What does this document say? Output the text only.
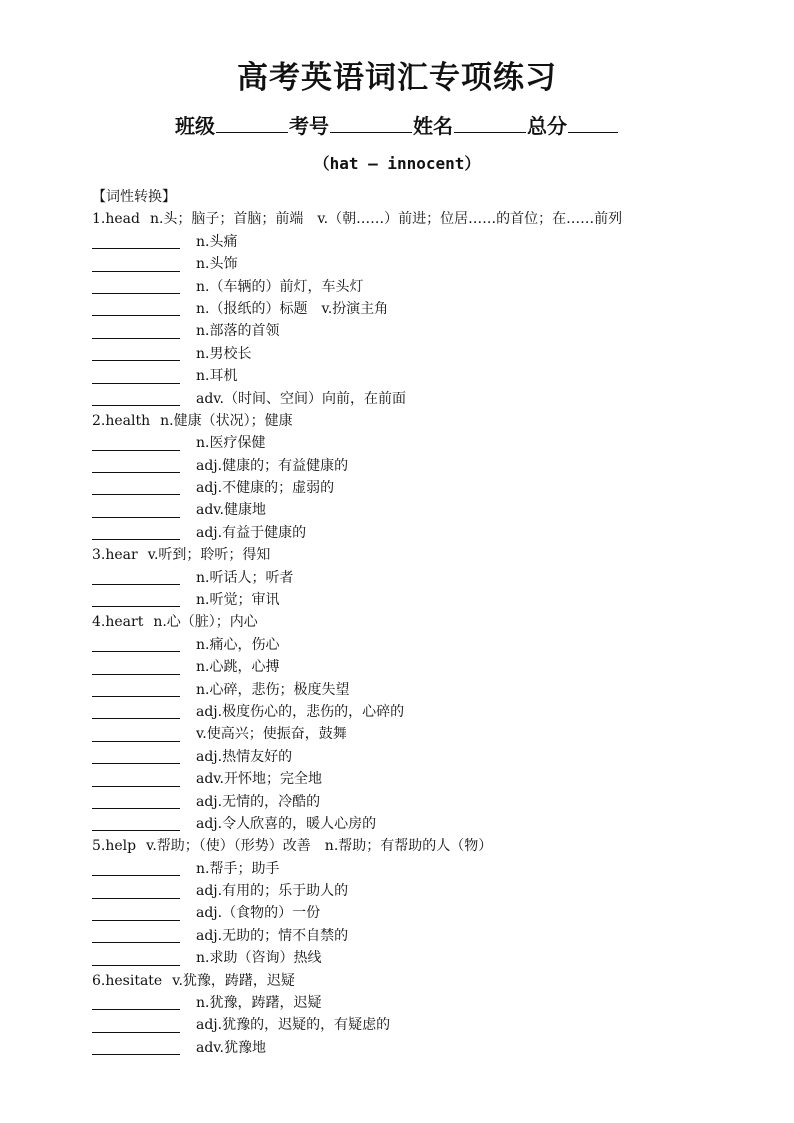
高考英语词汇专项练习
班级	考号	姓名	总分
（hat — innocent）
【词性转换】
1.head n.头；脑子；首脑；前端　v.（朝……）前进；位居……的首位；在……前列
n.头痛
n.头饰
n.（车辆的）前灯，车头灯
n.（报纸的）标题　v.扮演主角
n.部落的首领
n.男校长
n.耳机
adv.（时间、空间）向前，在前面
2.health n.健康（状况）；健康
n.医疗保健
adj.健康的；有益健康的
adj.不健康的；虚弱的
adv.健康地
adj.有益于健康的
3.hear v.听到；聆听；得知
n.听话人；听者
n.听觉；审讯
4.heart n.心（脏）；内心
n.痛心，伤心
n.心跳，心搏
n.心碎，悲伤；极度失望
adj.极度伤心的，悲伤的，心碎的
v.使高兴；使振奋，鼓舞
adj.热情友好的
adv.开怀地；完全地
adj.无情的，冷酷的
adj.令人欣喜的，暖人心房的
5.help v.帮助；（使）（形势）改善　n.帮助；有帮助的人（物）
n.帮手；助手
adj.有用的；乐于助人的
adj.（食物的）一份
adj.无助的；情不自禁的
n.求助（咨询）热线
6.hesitate v.犹豫，踌躇，迟疑
n.犹豫，踌躇，迟疑
adj.犹豫的，迟疑的，有疑虑的
adv.犹豫地
